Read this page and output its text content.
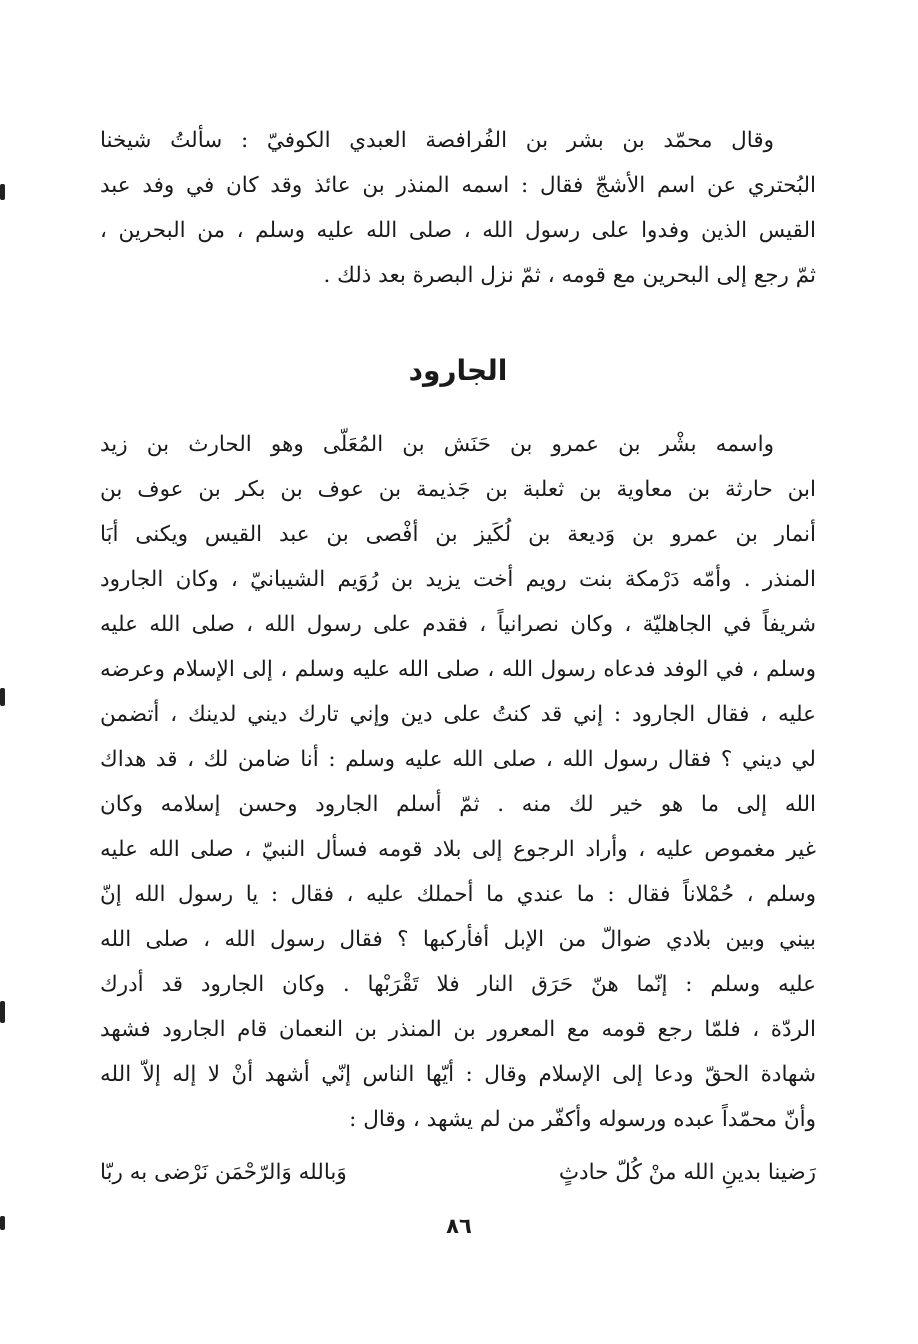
وقال محمّد بن بشر بن الفُرافصة العبدي الكوفيّ : سألتُ شيخنا
البُحتري عن اسم الأشجّ فقال : اسمه المنذر بن عائذ وقد كان في وفد عبد
القيس الذين وفدوا على رسول الله ، صلى الله عليه وسلم ، من البحرين ،
ثمّ رجع إلى البحرين مع قومه ، ثمّ نزل البصرة بعد ذلك .
الجارود
واسمه بشْر بن عمرو بن حَنَش بن المُعَلّى وهو الحارث بن زيد
ابن حارثة بن معاوية بن ثعلبة بن جَذيمة بن عوف بن بكر بن عوف بن
أنمار بن عمرو بن وَديعة بن لُكَيز بن أفْصى بن عبد القيس ويكنى أبَا
المنذر . وأمّه دَرْمكة بنت رويم أخت يزيد بن رُوَيم الشيبانيّ ، وكان الجارود
شريفاً في الجاهليّة ، وكان نصرانياً ، فقدم على رسول الله ، صلى الله عليه
وسلم ، في الوفد فدعاه رسول الله ، صلى الله عليه وسلم ، إلى الإسلام وعرضه
عليه ، فقال الجارود : إني قد كنتُ على دين وإني تارك ديني لدينك ، أتضمن
لي ديني ؟ فقال رسول الله ، صلى الله عليه وسلم : أنا ضامن لك ، قد هداك
الله إلى ما هو خير لك منه . ثمّ أسلم الجارود وحسن إسلامه وكان
غير مغموص عليه ، وأراد الرجوع إلى بلاد قومه فسأل النبيّ ، صلى الله عليه
وسلم ، حُمْلاناً فقال : ما عندي ما أحملك عليه ، فقال : يا رسول الله إنّ
بيني وبين بلادي ضوالّ من الإبل أفأركبها ؟ فقال رسول الله ، صلى الله
عليه وسلم : إنّما هنّ حَرَق النار فلا تَقْرَبْها . وكان الجارود قد أدرك
الردّة ، فلمّا رجع قومه مع المعرور بن المنذر بن النعمان قام الجارود فشهد
شهادة الحقّ ودعا إلى الإسلام وقال : أيّها الناس إنّي أشهد أنْ لا إله إلاّ الله
وأنّ محمّداً عبده ورسوله وأكفّر من لم يشهد ، وقال :
رَضينا بدينِ الله منْ كُلّ حادثٍ
وَبالله وَالرّحْمَن نَرْضى به ربّا
٨٦
